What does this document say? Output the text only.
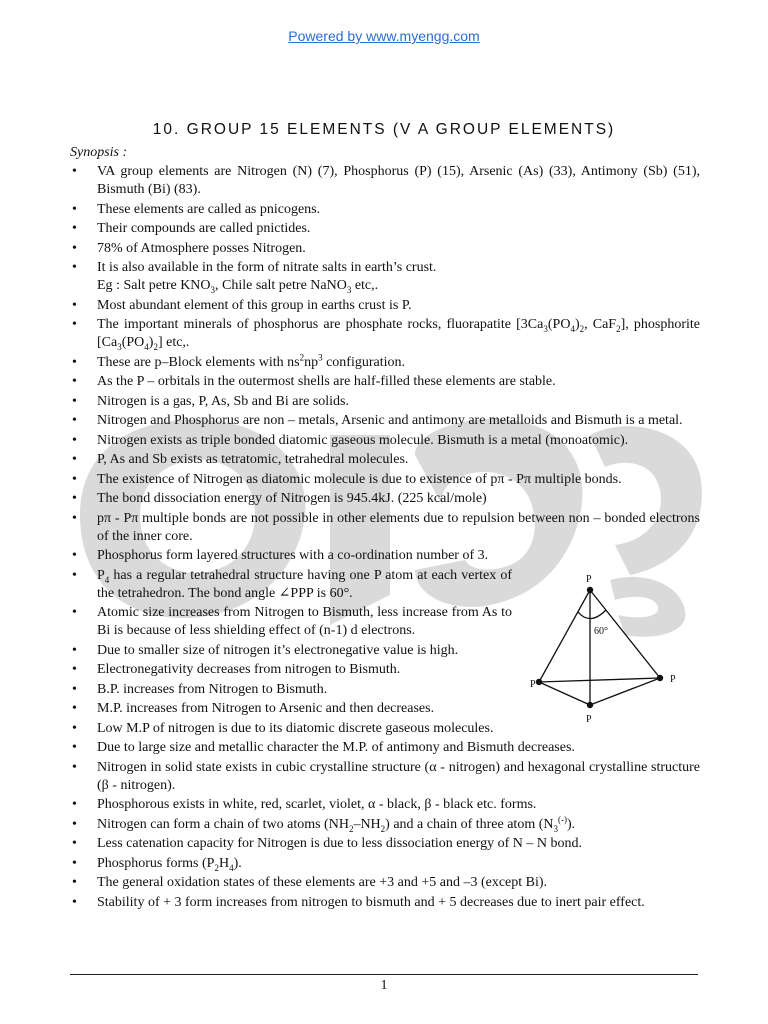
Powered by www.myengg.com
10. GROUP 15 ELEMENTS (V A GROUP ELEMENTS)
Synopsis :
• VA group elements are Nitrogen (N) (7), Phosphorus (P) (15), Arsenic (As) (33), Antimony (Sb) (51), Bismuth (Bi) (83).
• These elements are called as pnicogens.
• Their compounds are called pnictides.
• 78% of Atmosphere posses Nitrogen.
• It is also available in the form of nitrate salts in earth’s crust.
Eg : Salt petre $KNO_3$, Chile salt petre NaNO$_3$ etc,.
• Most abundant element of this group in earths crust is P.
• The important minerals of phosphorus are phosphate rocks, fluorapatite [$3Ca_3(PO_4)_2$, CaF$_2$], phosphorite $[Ca_3(PO_4)_2]$ etc,.
• These are p–Block elements with $ns^2np^3$ configuration.
• As the P – orbitals in the outermost shells are half-filled these elements are stable.
• Nitrogen is a gas, P, As, Sb and Bi are solids.
• Nitrogen and Phosphorus are non – metals, Arsenic and antimony are metalloids and Bismuth is a metal.
• Nitrogen exists as triple bonded diatomic gaseous molecule. Bismuth is a metal (monoatomic).
• P, As and Sb exists as tetratomic, tetrahedral molecules.
• The existence of Nitrogen as diatomic molecule is due to existence of pπ - Pπ multiple bonds.
• The bond dissociation energy of Nitrogen is 945.4kJ. (225 kcal/mole)
• pπ - Pπ multiple bonds are not possible in other elements due to repulsion between non – bonded electrons of the inner core.
• Phosphorus form layered structures with a co-ordination number of 3.
• $P_4$ has a regular tetrahedral structure having one P atom at each vertex of the tetrahedron. The bond angle ∠PPP is 60°.
• Atomic size increases from Nitrogen to Bismuth, less increase from As to Bi is because of less shielding effect of (n-1) d electrons.
• Due to smaller size of nitrogen it’s electronegative value is high.
• Electronegativity decreases from nitrogen to Bismuth.
• B.P. increases from Nitrogen to Bismuth.
• M.P. increases from Nitrogen to Arsenic and then decreases.
• Low M.P of nitrogen is due to its diatomic discrete gaseous molecules.
• Due to large size and metallic character the M.P. of antimony and Bismuth decreases.
• Nitrogen in solid state exists in cubic crystalline structure (α - nitrogen) and hexagonal crystalline structure (β - nitrogen).
• Phosphorous exists in white, red, scarlet, violet, α - black, β - black etc. forms.
• Nitrogen can form a chain of two atoms $(NH_2-NH_2)$ and a chain of three atom $(N_3^{(-)})$.
• Less catenation capacity for Nitrogen is due to less dissociation energy of N – N bond.
• Phosphorus forms $(P_2H_4)$.
• The general oxidation states of these elements are +3 and +5 and –3 (except Bi).
• Stability of + 3 form increases from nitrogen to bismuth and + 5 decreases due to inert pair effect.
P
P	P
P
60°
1
